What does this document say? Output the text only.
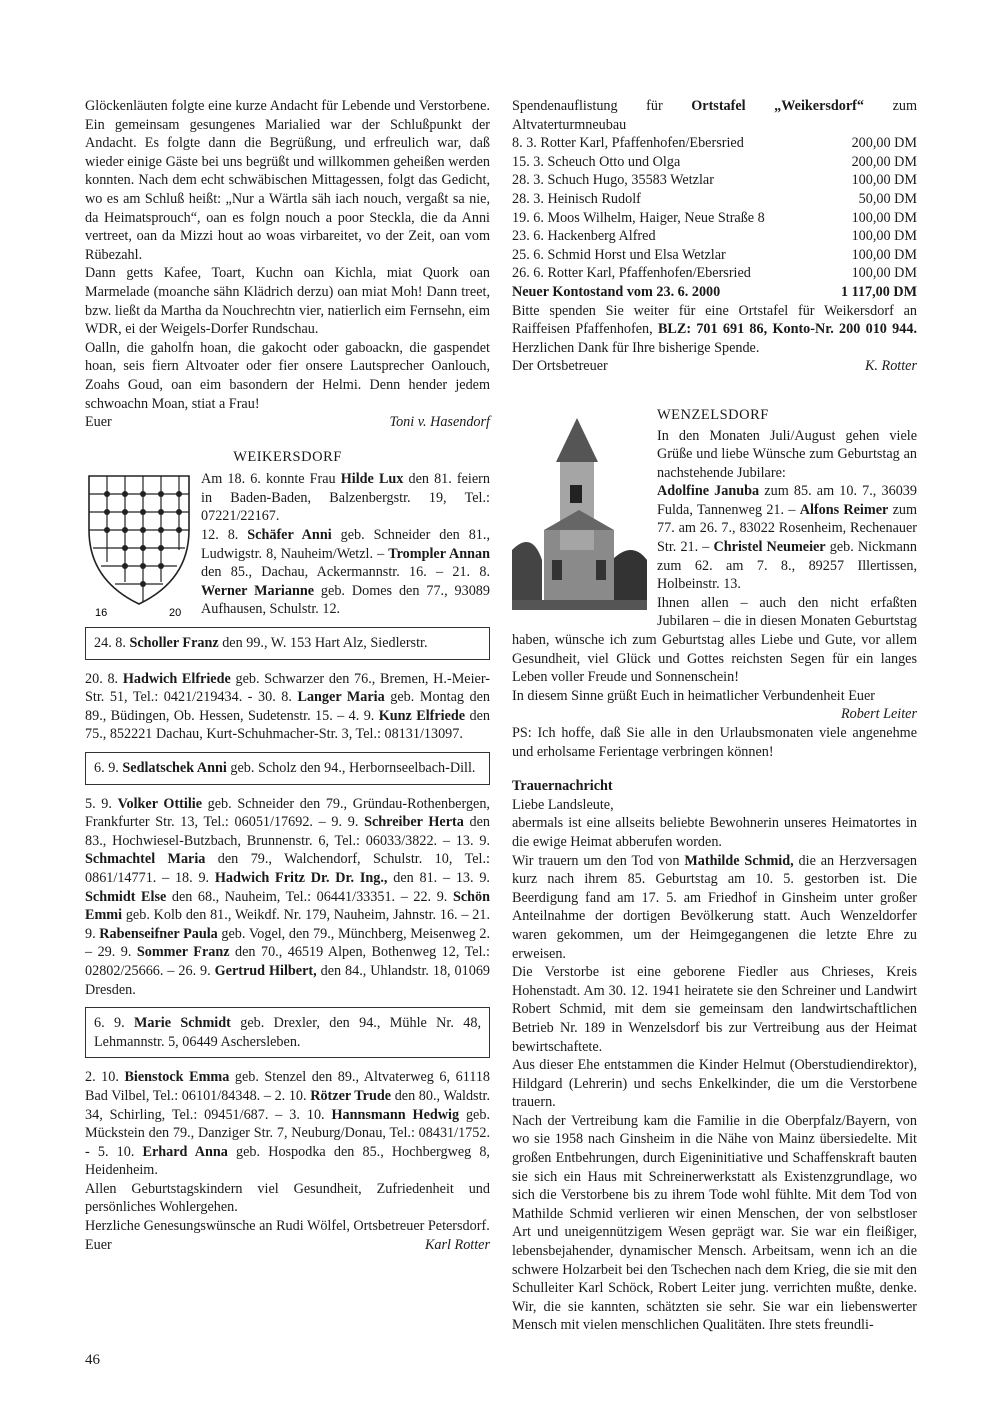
Glöckenläuten folgte eine kurze Andacht für Lebende und Verstorbene. Ein gemeinsam gesungenes Marialied war der Schlußpunkt der Andacht. Es folgte dann die Begrüßung, und erfreulich war, daß wieder einige Gäste bei uns begrüßt und willkommen geheißen werden konnten. Nach dem echt schwäbischen Mittagessen, folgt das Gedicht, wo es am Schluß heißt: „Nur a Wärtla säh iach nouch, vergaßt sa nie, da Heimatsprouch“, oan es folgn nouch a poor Steckla, die da Anni vertreet, oan da Mizzi hout ao woas virbareitet, vo der Zeit, oan vom Rübezahl.

Dann getts Kafee, Toart, Kuchn oan Kichla, miat Quork oan Marmelade (moanche sähn Klädrich derzu) oan miat Moh! Dann treet, bzw. ließt da Martha da Nouchrechtn vier, natierlich eim Fernsehn, eim WDR, ei der Weigels-Dorfer Rundschau.

Oalln, die gaholfn hoan, die gakocht oder gaboackn, die gaspendet hoan, seis fiern Altvoater oder fier onsere Lautsprecher Oanlouch, Zoahs Goud, oan eim basondern der Helmi. Denn hender jedem schwoachn Moan, stiat a Frau!

Euer	Toni v. Hasendorf
WEIKERSDORF
16	20

Am 18. 6. konnte Frau Hilde Lux den 81. feiern in Baden-Baden, Balzenbergstr. 19, Tel.: 07221/22167.

12. 8. Schäfer Anni geb. Schneider den 81., Ludwigstr. 8, Nauheim/Wetzl. – Trompler Annan den 85., Dachau, Ackermannstr. 16. – 21. 8. Werner Marianne geb. Domes den 77., 93089 Aufhausen, Schulstr. 12.

24. 8. Scholler Franz den 99., W. 153 Hart Alz, Siedlerstr.

20. 8. Hadwich Elfriede geb. Schwarzer den 76., Bremen, H.-Meier-Str. 51, Tel.: 0421/219434. - 30. 8. Langer Maria geb. Montag den 89., Büdingen, Ob. Hessen, Sudetenstr. 15. – 4. 9. Kunz Elfriede den 75., 852221 Dachau, Kurt-Schuhmacher-Str. 3, Tel.: 08131/13097.

6. 9. Sedlatschek Anni geb. Scholz den 94., Herbornseelbach-Dill.

5. 9. Volker Ottilie geb. Schneider den 79., Gründau-Rothenbergen, Frankfurter Str. 13, Tel.: 06051/17692. – 9. 9. Schreiber Herta den 83., Hochwiesel-Butzbach, Brunnenstr. 6, Tel.: 06033/3822. – 13. 9. Schmachtel Maria den 79., Walchendorf, Schulstr. 10, Tel.: 0861/14771. – 18. 9. Hadwich Fritz Dr. Dr. Ing., den 81. – 13. 9. Schmidt Else den 68., Nauheim, Tel.: 06441/33351. – 22. 9. Schön Emmi geb. Kolb den 81., Weikdf. Nr. 179, Nauheim, Jahnstr. 16. – 21. 9. Rabenseifner Paula geb. Vogel, den 79., Münchberg, Meisenweg 2. – 29. 9. Sommer Franz den 70., 46519 Alpen, Bothenweg 12, Tel.: 02802/25666. – 26. 9. Gertrud Hilbert, den 84., Uhlandstr. 18, 01069 Dresden.

6. 9. Marie Schmidt geb. Drexler, den 94., Mühle Nr. 48, Lehmannstr. 5, 06449 Aschersleben.

2. 10. Bienstock Emma geb. Stenzel den 89., Altvaterweg 6, 61118 Bad Vilbel, Tel.: 06101/84348. – 2. 10. Rötzer Trude den 80., Waldstr. 34, Schirling, Tel.: 09451/687. – 3. 10. Hannsmann Hedwig geb. Mückstein den 79., Danziger Str. 7, Neuburg/Donau, Tel.: 08431/1752. - 5. 10. Erhard Anna geb. Hospodka den 85., Hochbergweg 8, Heidenheim.

Allen Geburtstagskindern viel Gesundheit, Zufriedenheit und persönliches Wohlergehen.

Herzliche Genesungswünsche an Rudi Wölfel, Ortsbetreuer Petersdorf.

Euer	Karl Rotter

Spendenauflistung für Ortstafel „Weikersdorf“ zum Altvaterturmneubau

8. 3. Rotter Karl, Pfaffenhofen/Ebersried	200,00 DM
15. 3. Scheuch Otto und Olga	200,00 DM
28. 3. Schuch Hugo, 35583 Wetzlar	100,00 DM
28. 3. Heinisch Rudolf	50,00 DM
19. 6. Moos Wilhelm, Haiger, Neue Straße 8	100,00 DM
23. 6. Hackenberg Alfred	100,00 DM
25. 6. Schmid Horst und Elsa Wetzlar	100,00 DM
26. 6. Rotter Karl, Pfaffenhofen/Ebersried	100,00 DM
Neuer Kontostand vom 23. 6. 2000	1 117,00 DM

Bitte spenden Sie weiter für eine Ortstafel für Weikersdorf an Raiffeisen Pfaffenhofen, BLZ: 701 691 86, Konto-Nr. 200 010 944. Herzlichen Dank für Ihre bisherige Spende.

Der Ortsbetreuer	K. Rotter
WENZELSDORF

In den Monaten Juli/August gehen viele Grüße und liebe Wünsche zum Geburtstag an nachstehende Jubilare:

Adolfine Januba zum 85. am 10. 7., 36039 Fulda, Tannenweg 21. – Alfons Reimer zum 77. am 26. 7., 83022 Rosenheim, Rechenauer Str. 21. – Christel Neumeier geb. Nickmann zum 62. am 7. 8., 89257 Illertissen, Holbeinstr. 13.

Ihnen allen – auch den nicht erfaßten Jubilaren – die in diesen Monaten Geburtstag haben, wünsche ich zum Geburtstag alles Liebe und Gute, vor allem Gesundheit, viel Glück und Gottes reichsten Segen für ein langes Leben voller Freude und Sonnenschein!

In diesem Sinne grüßt Euch in heimatlicher Verbundenheit Euer

Robert Leiter

PS: Ich hoffe, daß Sie alle in den Urlaubsmonaten viele angenehme und erholsame Ferientage verbringen können!

Trauernachricht

Liebe Landsleute,

abermals ist eine allseits beliebte Bewohnerin unseres Heimatortes in die ewige Heimat abberufen worden.

Wir trauern um den Tod von Mathilde Schmid, die an Herzversagen kurz nach ihrem 85. Geburtstag am 10. 5. gestorben ist. Die Beerdigung fand am 17. 5. am Friedhof in Ginsheim unter großer Anteilnahme der dortigen Bevölkerung statt. Auch Wenzeldorfer waren gekommen, um der Heimgegangenen die letzte Ehre zu erweisen.

Die Verstorbe ist eine geborene Fiedler aus Chrieses, Kreis Hohenstadt. Am 30. 12. 1941 heiratete sie den Schreiner und Landwirt Robert Schmid, mit dem sie gemeinsam den landwirtschaftlichen Betrieb Nr. 189 in Wenzelsdorf bis zur Vertreibung aus der Heimat bewirtschaftete.

Aus dieser Ehe entstammen die Kinder Helmut (Oberstudiendirektor), Hildgard (Lehrerin) und sechs Enkelkinder, die um die Verstorbene trauern.

Nach der Vertreibung kam die Familie in die Oberpfalz/Bayern, von wo sie 1958 nach Ginsheim in die Nähe von Mainz übersiedelte. Mit großen Entbehrungen, durch Eigeninitiative und Schaffenskraft bauten sie sich ein Haus mit Schreinerwerkstatt als Existenzgrundlage, wo sich die Verstorbene bis zu ihrem Tode wohl fühlte. Mit dem Tod von Mathilde Schmid verlieren wir einen Menschen, der von selbstloser Art und uneigennützigem Wesen geprägt war. Sie war ein fleißiger, lebensbejahender, dynamischer Mensch. Arbeitsam, wenn ich an die schwere Holzarbeit bei den Tschechen nach dem Krieg, die sie mit den Schulleiter Karl Schöck, Robert Leiter jung. verrichten mußte, denke. Wir, die sie kannten, schätzten sie sehr. Sie war ein liebenswerter Mensch mit vielen menschlichen Qualitäten. Ihre stets freundli-

46
